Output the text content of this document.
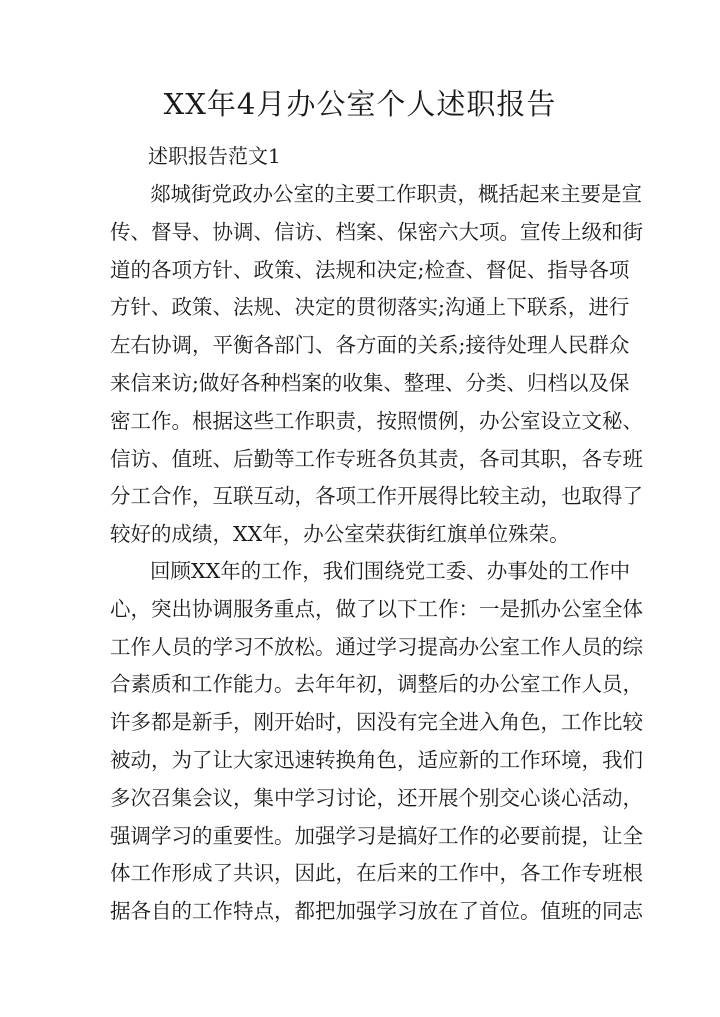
XX年4月办公室个人述职报告
述职报告范文1
郯城街党政办公室的主要工作职责，概括起来主要是宣
传、督导、协调、信访、档案、保密六大项。宣传上级和街
道的各项方针、政策、法规和决定;检查、督促、指导各项
方针、政策、法规、决定的贯彻落实;沟通上下联系，进行
左右协调，平衡各部门、各方面的关系;接待处理人民群众
来信来访;做好各种档案的收集、整理、分类、归档以及保
密工作。根据这些工作职责，按照惯例，办公室设立文秘、
信访、值班、后勤等工作专班各负其责，各司其职，各专班
分工合作，互联互动，各项工作开展得比较主动，也取得了
较好的成绩，XX年，办公室荣获街红旗单位殊荣。
回顾XX年的工作，我们围绕党工委、办事处的工作中
心，突出协调服务重点，做了以下工作：一是抓办公室全体
工作人员的学习不放松。通过学习提高办公室工作人员的综
合素质和工作能力。去年年初，调整后的办公室工作人员，
许多都是新手，刚开始时，因没有完全进入角色，工作比较
被动，为了让大家迅速转换角色，适应新的工作环境，我们
多次召集会议，集中学习讨论，还开展个别交心谈心活动，
强调学习的重要性。加强学习是搞好工作的必要前提，让全
体工作形成了共识，因此，在后来的工作中，各工作专班根
据各自的工作特点，都把加强学习放在了首位。值班的同志
